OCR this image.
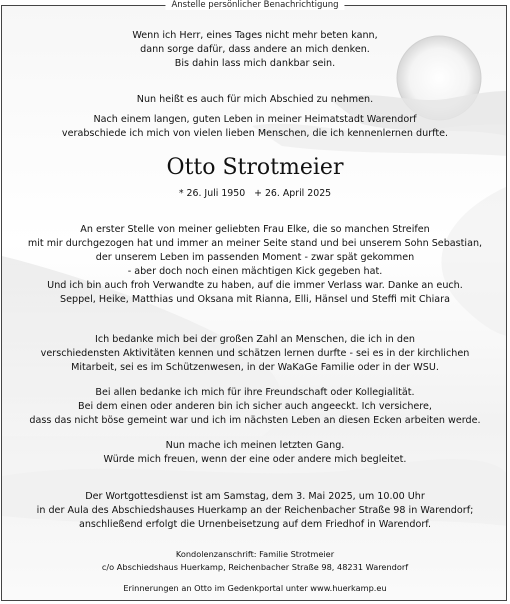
Wenn ich Herr, eines Tages nicht mehr beten kann,
dann sorge dafür, dass andere an mich denken.
Bis dahin lass mich dankbar sein.
Nun heißt es auch für mich Abschied zu nehmen.
Nach einem langen, guten Leben in meiner Heimatstadt Warendorf
verabschiede ich mich von vielen lieben Menschen, die ich kennenlernen durfte.
Otto Strotmeier
* 26. Juli 1950   + 26. April 2025
An erster Stelle von meiner geliebten Frau Elke, die so manchen Streifen
mit mir durchgezogen hat und immer an meiner Seite stand und bei unserem Sohn Sebastian,
der unserem Leben im passenden Moment - zwar spät gekommen
- aber doch noch einen mächtigen Kick gegeben hat.
Und ich bin auch froh Verwandte zu haben, auf die immer Verlass war. Danke an euch.
Seppel, Heike, Matthias und Oksana mit Rianna, Elli, Hänsel und Steffi mit Chiara
Ich bedanke mich bei der großen Zahl an Menschen, die ich in den
verschiedensten Aktivitäten kennen und schätzen lernen durfte - sei es in der kirchlichen
Mitarbeit, sei es im Schützenwesen, in der WaKaGe Familie oder in der WSU.
Bei allen bedanke ich mich für ihre Freundschaft oder Kollegialität.
Bei dem einen oder anderen bin ich sicher auch angeeckt. Ich versichere,
dass das nicht böse gemeint war und ich im nächsten Leben an diesen Ecken arbeiten werde.
Nun mache ich meinen letzten Gang.
Würde mich freuen, wenn der eine oder andere mich begleitet.
Der Wortgottesdienst ist am Samstag, dem 3. Mai 2025, um 10.00 Uhr
in der Aula des Abschiedshauses Huerkamp an der Reichenbacher Straße 98 in Warendorf;
anschließend erfolgt die Urnenbeisetzung auf dem Friedhof in Warendorf.
Kondolenzanschrift: Familie Strotmeier
c/o Abschiedshaus Huerkamp, Reichenbacher Straße 98, 48231 Warendorf
Erinnerungen an Otto im Gedenkportal unter www.huerkamp.eu
Anstelle persönlicher Benachrichtigung
